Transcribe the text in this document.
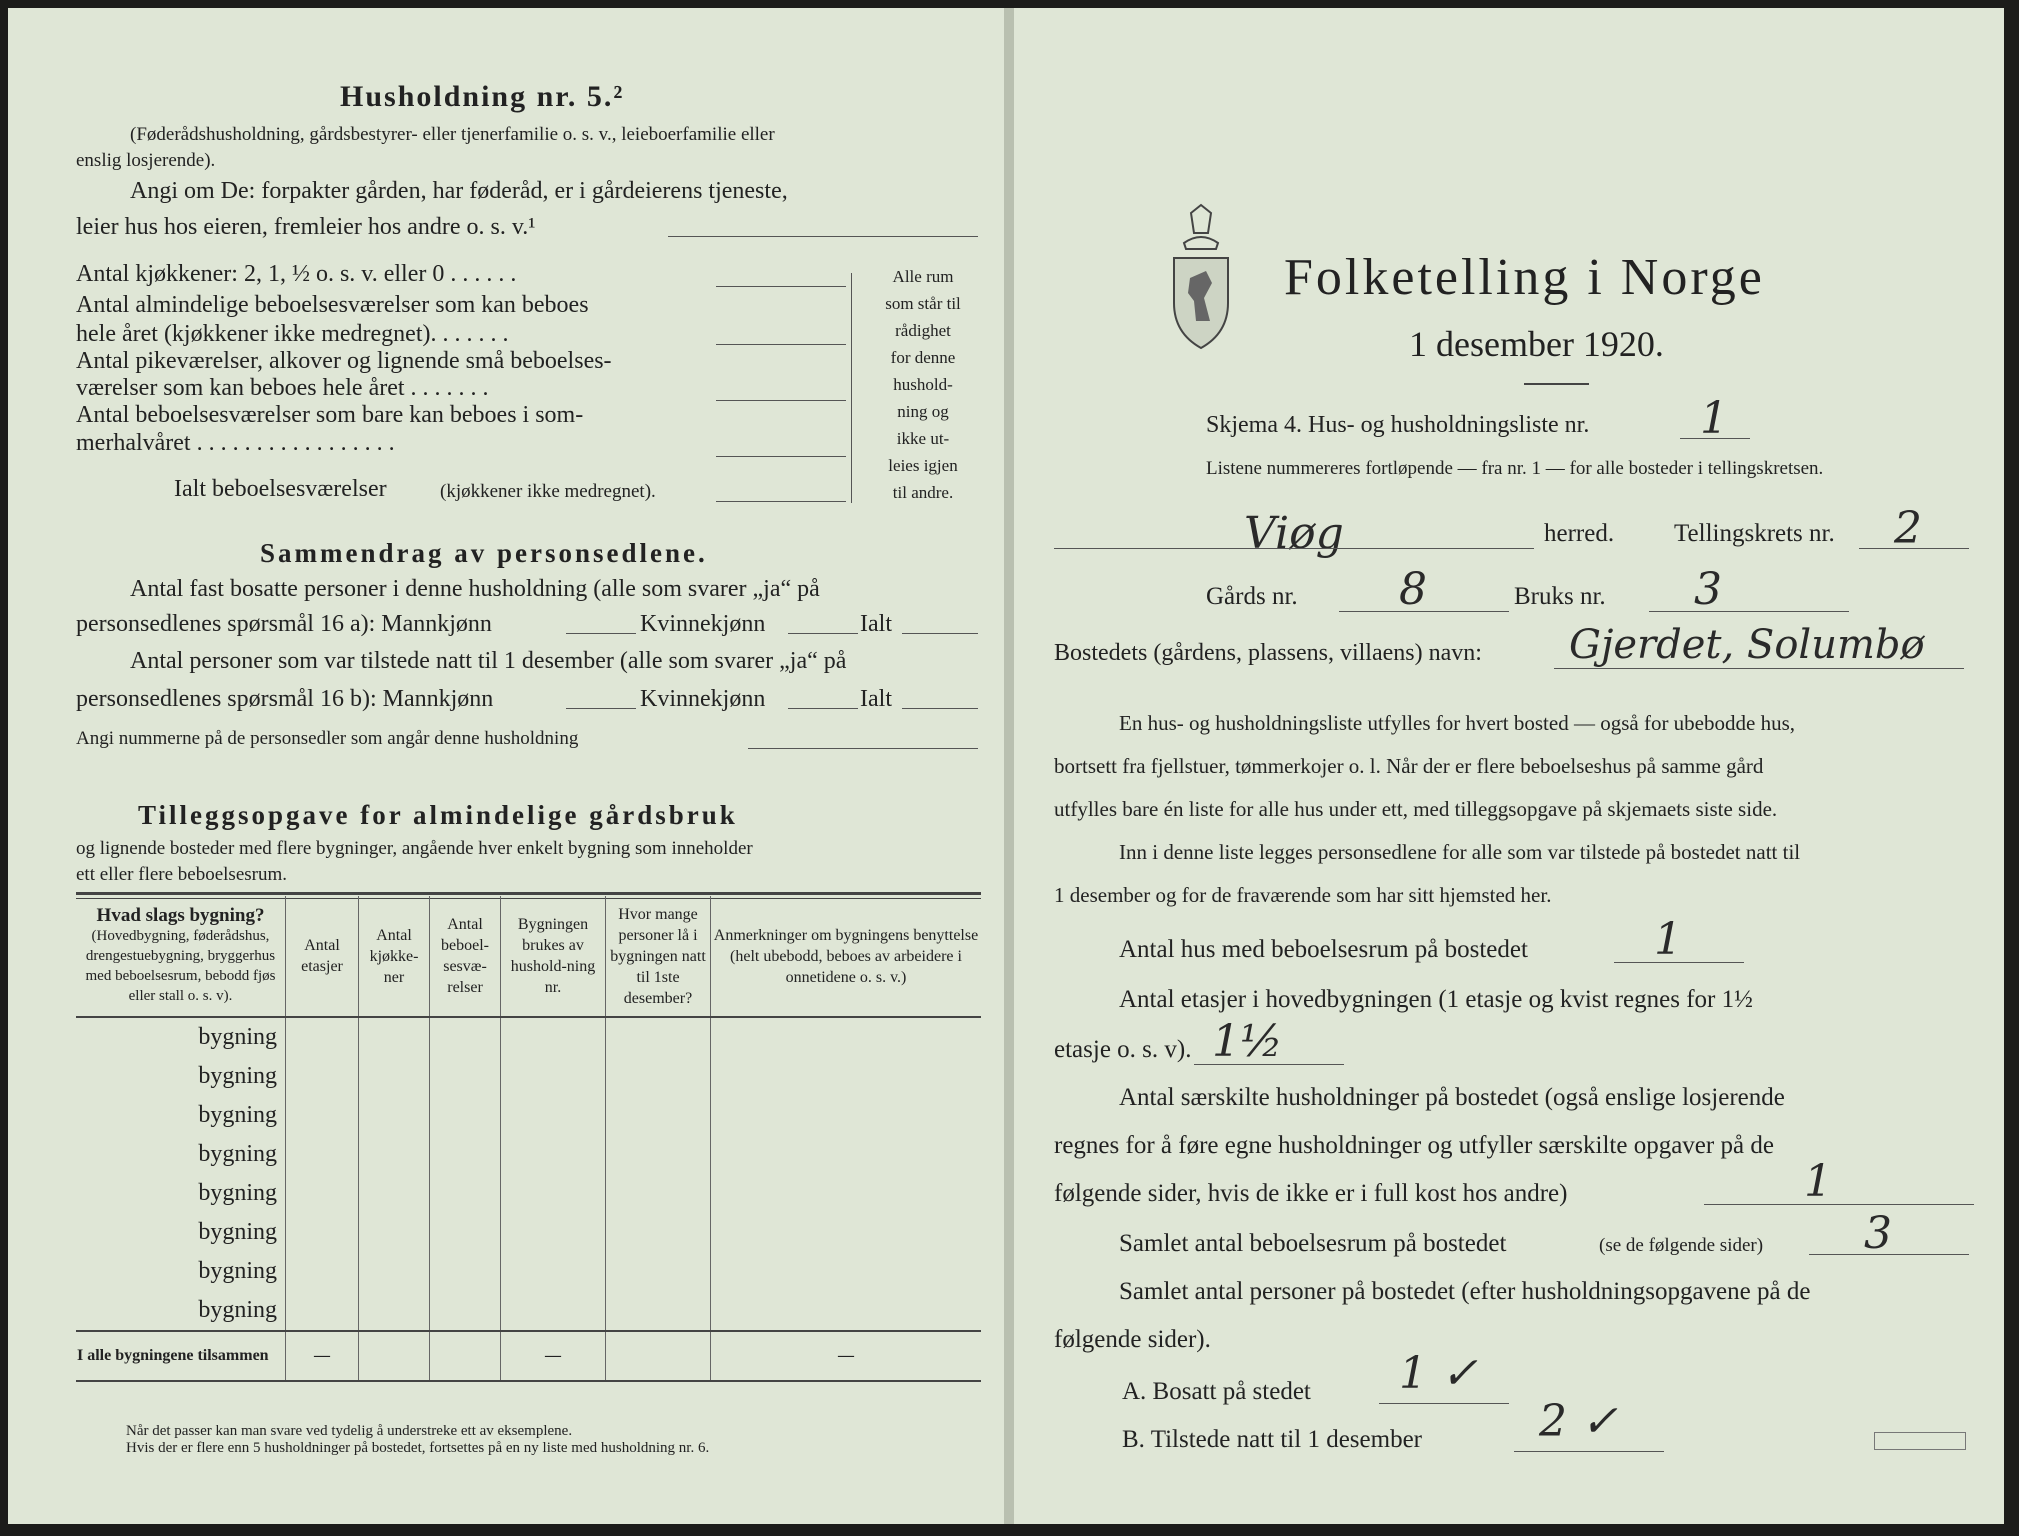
Husholdning nr. 5.²
(Føderådshusholdning, gårdsbestyrer- eller tjenerfamilie o. s. v., leieboerfamilie eller
enslig losjerende).
Angi om De: forpakter gården, har føderåd, er i gårdeierens tjeneste,
leier hus hos eieren, fremleier hos andre o. s. v.¹
Antal kjøkkener: 2, 1, ½ o. s. v. eller 0 . . . . . .
Antal almindelige beboelsesværelser som kan beboes
hele året (kjøkkener ikke medregnet). . . . . . .
Antal pikeværelser, alkover og lignende små beboelses-
værelser som kan beboes hele året . . . . . . .
Antal beboelsesværelser som bare kan beboes i som-
merhalvåret . . . . . . . . . . . . . . . . .
Ialt beboelsesværelser	(kjøkkener ikke medregnet).
Alle rum
som står til
rådighet
for denne
hushold-
ning og
ikke ut-
leies igjen
til andre.
Sammendrag av personsedlene.
Antal fast bosatte personer i denne husholdning (alle som svarer „ja“ på
personsedlenes spørsmål 16 a): Mannkjønn	Kvinnekjønn	Ialt
Antal personer som var tilstede natt til 1 desember (alle som svarer „ja“ på
personsedlenes spørsmål 16 b): Mannkjønn	Kvinnekjønn	Ialt
Angi nummerne på de personsedler som angår denne husholdning
Tilleggsopgave for almindelige gårdsbruk
og lignende bosteder med flere bygninger, angående hver enkelt bygning som inneholder
ett eller flere beboelsesrum.
Hvad slags bygning?
(Hovedbygning, føderådshus, drengestuebygning, bryggerhus med beboelsesrum, bebodd fjøs eller stall o. s. v).	Antal etasjer	Antal kjøkke-ner	Antal beboel-sesvæ-relser	Bygningen brukes av hushold-ning nr.	Hvor mange personer lå i bygningen natt til 1ste desember?	Anmerkninger om bygningens benyttelse (helt ubebodd, beboes av arbeidere i onnetidene o. s. v.)
bygning						
bygning						
bygning						
bygning						
bygning						
bygning						
bygning						
bygning						
I alle bygningene tilsammen	—			—		—
Når det passer kan man svare ved tydelig å understreke ett av eksemplene.
Hvis der er flere enn 5 husholdninger på bostedet, fortsettes på en ny liste med husholdning nr. 6.
Folketelling i Norge
1 desember 1920.
Skjema 4. Hus- og husholdningsliste nr.	1
Listene nummereres fortløpende — fra nr. 1 — for alle bosteder i tellingskretsen.
Viøg	herred. Tellingskrets nr. 2
Gårds nr. 8	Bruks nr. 3
Bostedets (gårdens, plassens, villaens) navn: Gjerdet, Solumbø
En hus- og husholdningsliste utfylles for hvert bosted — også for ubebodde hus,
bortsett fra fjellstuer, tømmerkojer o. l. Når der er flere beboelseshus på samme gård
utfylles bare én liste for alle hus under ett, med tilleggsopgave på skjemaets siste side.
Inn i denne liste legges personsedlene for alle som var tilstede på bostedet natt til
1 desember og for de fraværende som har sitt hjemsted her.
Antal hus med beboelsesrum på bostedet	1
Antal etasjer i hovedbygningen (1 etasje og kvist regnes for 1½
etasje o. s. v). 1½
Antal særskilte husholdninger på bostedet (også enslige losjerende
regnes for å føre egne husholdninger og utfyller særskilte opgaver på de
følgende sider, hvis de ikke er i full kost hos andre)	1
Samlet antal beboelsesrum på bostedet	(se de følgende sider) 3
Samlet antal personer på bostedet (efter husholdningsopgavene på de
følgende sider).
A. Bosatt på stedet 1 ✓
B. Tilstede natt til 1 desember	2 ✓
